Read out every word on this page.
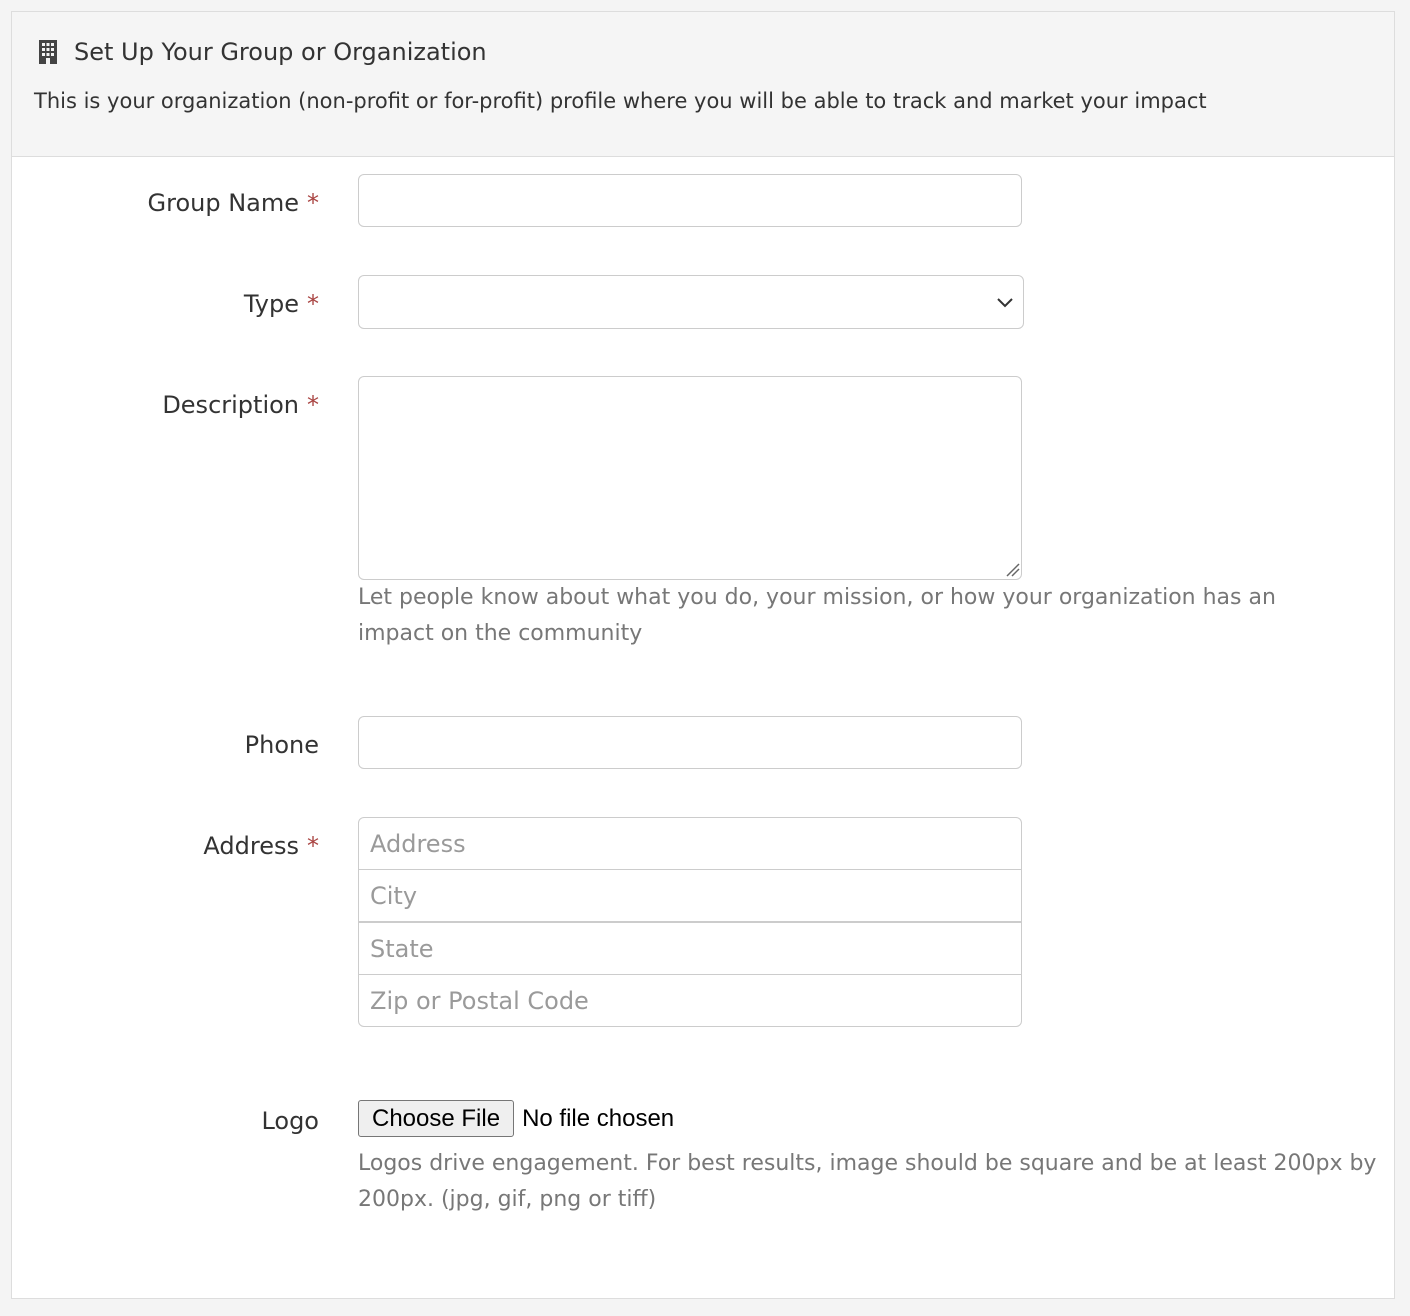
Set Up Your Group or Organization
This is your organization (non-profit or for-profit) profile where you will be able to track and market your impact
Group Name *
Type *
Description *
Let people know about what you do, your mission, or how your organization has an impact on the community
Phone
Address *
Address
City
State
Zip or Postal Code
Logo	Choose File No file chosen
Logos drive engagement. For best results, image should be square and be at least 200px by 200px. (jpg, gif, png or tiff)
